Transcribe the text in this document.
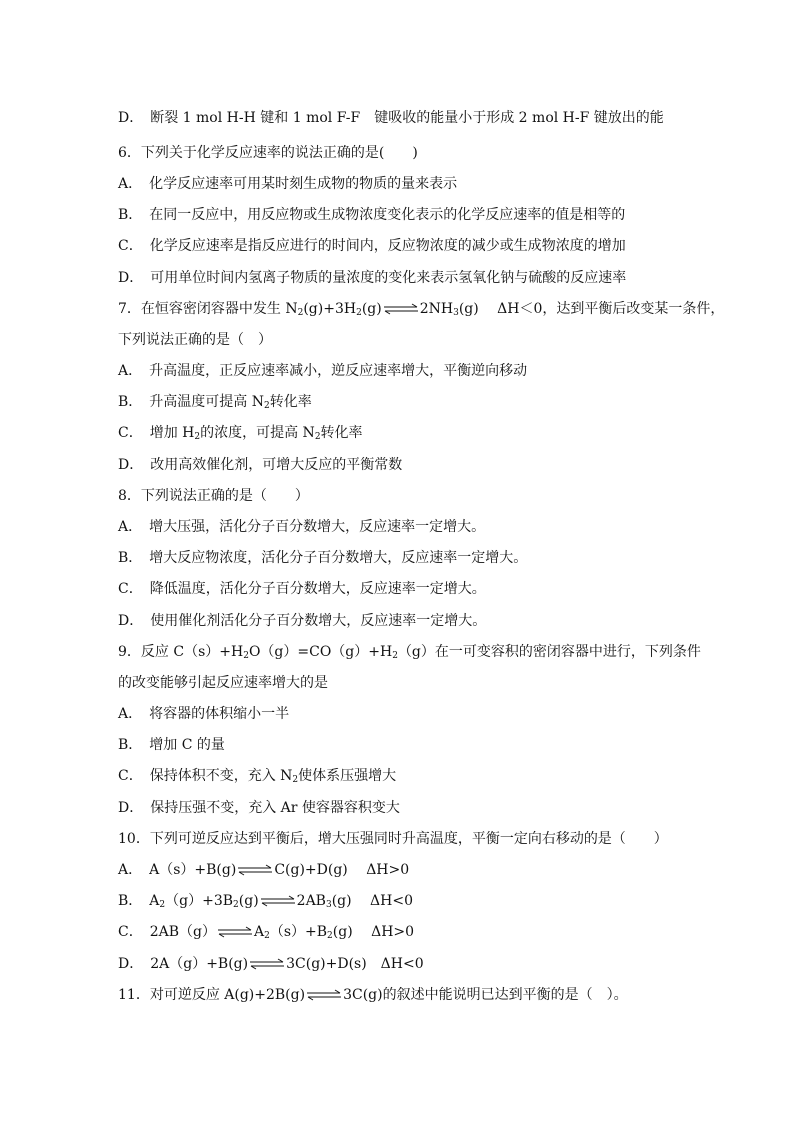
D．　断裂 1 mol H-H 键和 1 mol F-F　键吸收的能量小于形成 2 mol H-F 键放出的能
6．下列关于化学反应速率的说法正确的是(　　)
A．　化学反应速率可用某时刻生成物的物质的量来表示
B．　在同一反应中，用反应物或生成物浓度变化表示的化学反应速率的值是相等的
C．　化学反应速率是指反应进行的时间内，反应物浓度的减少或生成物浓度的增加
D．　可用单位时间内氢离子物质的量浓度的变化来表示氢氧化钠与硫酸的反应速率
7．在恒容密闭容器中发生 $N_2(g)+3H_2(g)\rightleftharpoons 2NH_3(g)$　 ΔH＜0，达到平衡后改变某一条件，
下列说法正确的是（　）
A．　升高温度，正反应速率减小，逆反应速率增大，平衡逆向移动
B．　升高温度可提高 $N_2$转化率
C．　增加 $H_2$的浓度，可提高 $N_2$转化率
D．　改用高效催化剂，可增大反应的平衡常数
8．下列说法正确的是（　　）
A．　增大压强，活化分子百分数增大，反应速率一定增大。
B．　增大反应物浓度，活化分子百分数增大，反应速率一定增大。
C．　降低温度，活化分子百分数增大，反应速率一定增大。
D．　使用催化剂活化分子百分数增大，反应速率一定增大。
9．反应 $C(s)+H_2O(g)=CO(g)+H_2(g)$在一可变容积的密闭容器中进行，下列条件
的改变能够引起反应速率增大的是
A．　将容器的体积缩小一半
B．　增加 C 的量
C．　保持体积不变，充入 $N_2$使体系压强增大
D．　保持压强不变，充入 Ar 使容器容积变大
10．下列可逆反应达到平衡后，增大压强同时升高温度，平衡一定向右移动的是（　　）
A．　A（s）+B(g)⇌C(g)+D(g)　 ΔH>0
B．　$A_2(g)+3B_2(g)\rightleftharpoons 2AB_3(g)$　 ΔH<0
C．　$2AB(g)\rightleftharpoons A_2(s)+B_2(g)$　 ΔH>0
D．　2A（g）+B(g)⇌3C(g)+D(s)　ΔH<0
11．对可逆反应 A(g)+2B(g)⇌3C(g)的叙述中能说明已达到平衡的是（　）。
